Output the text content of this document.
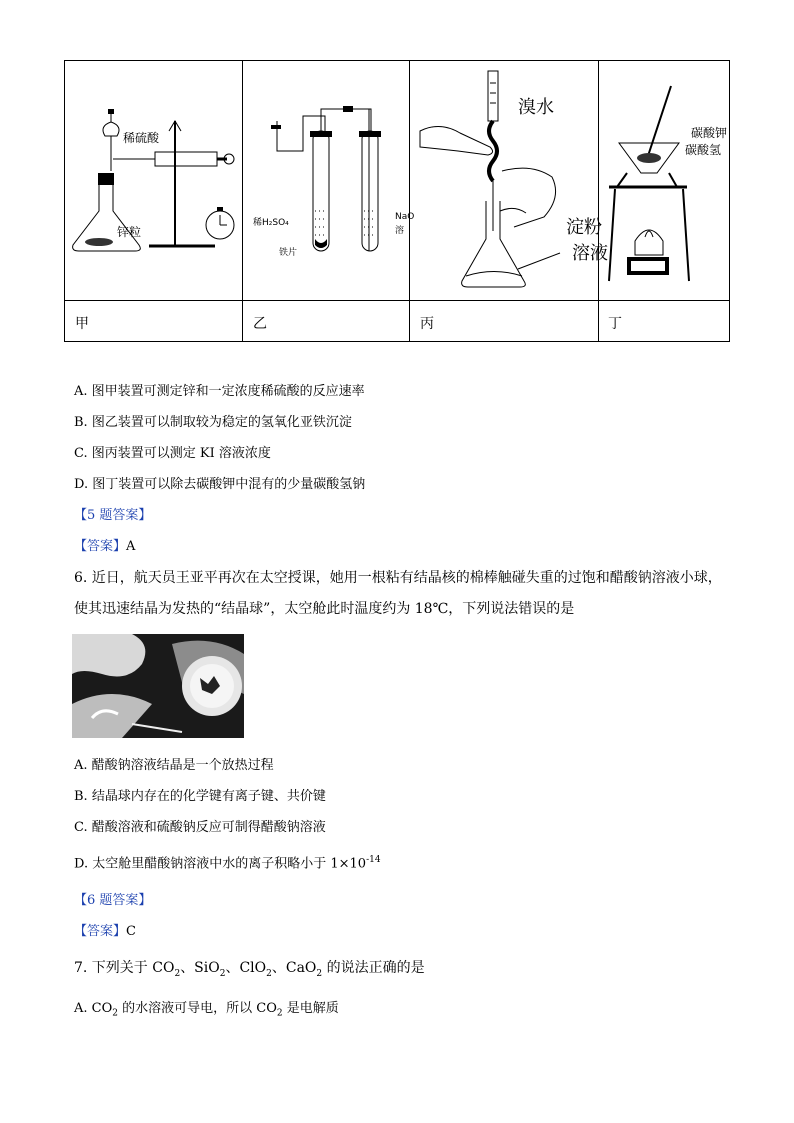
稀硫酸
锌粒
稀H₂SO₄
铁片
NaO
溶
溴水
淀粉
溶液
碳酸钾
碳酸氢
甲	乙	丙	丁
A. 图甲装置可测定锌和一定浓度稀硫酸的反应速率
B. 图乙装置可以制取较为稳定的氢氧化亚铁沉淀
C. 图丙装置可以测定 KI 溶液浓度
D. 图丁装置可以除去碳酸钾中混有的少量碳酸氢钠
【5 题答案】
【答案】A
6. 近日，航天员王亚平再次在太空授课，她用一根粘有结晶核的棉棒触碰失重的过饱和醋酸钠溶液小球，
使其迅速结晶为发热的“结晶球”，太空舱此时温度约为 18℃，下列说法错误的是
A. 醋酸钠溶液结晶是一个放热过程
B. 结晶球内存在的化学键有离子键、共价键
C. 醋酸溶液和硫酸钠反应可制得醋酸钠溶液
D. 太空舱里醋酸钠溶液中水的离子积略小于 $1\times 10^{-14}$
【6 题答案】
【答案】C
7. 下列关于 $CO_2$、SiO$_2$、ClO$_2$、CaO$_2$ 的说法正确的是
A. $CO_2$ 的水溶液可导电，所以 $CO_2$ 是电解质
